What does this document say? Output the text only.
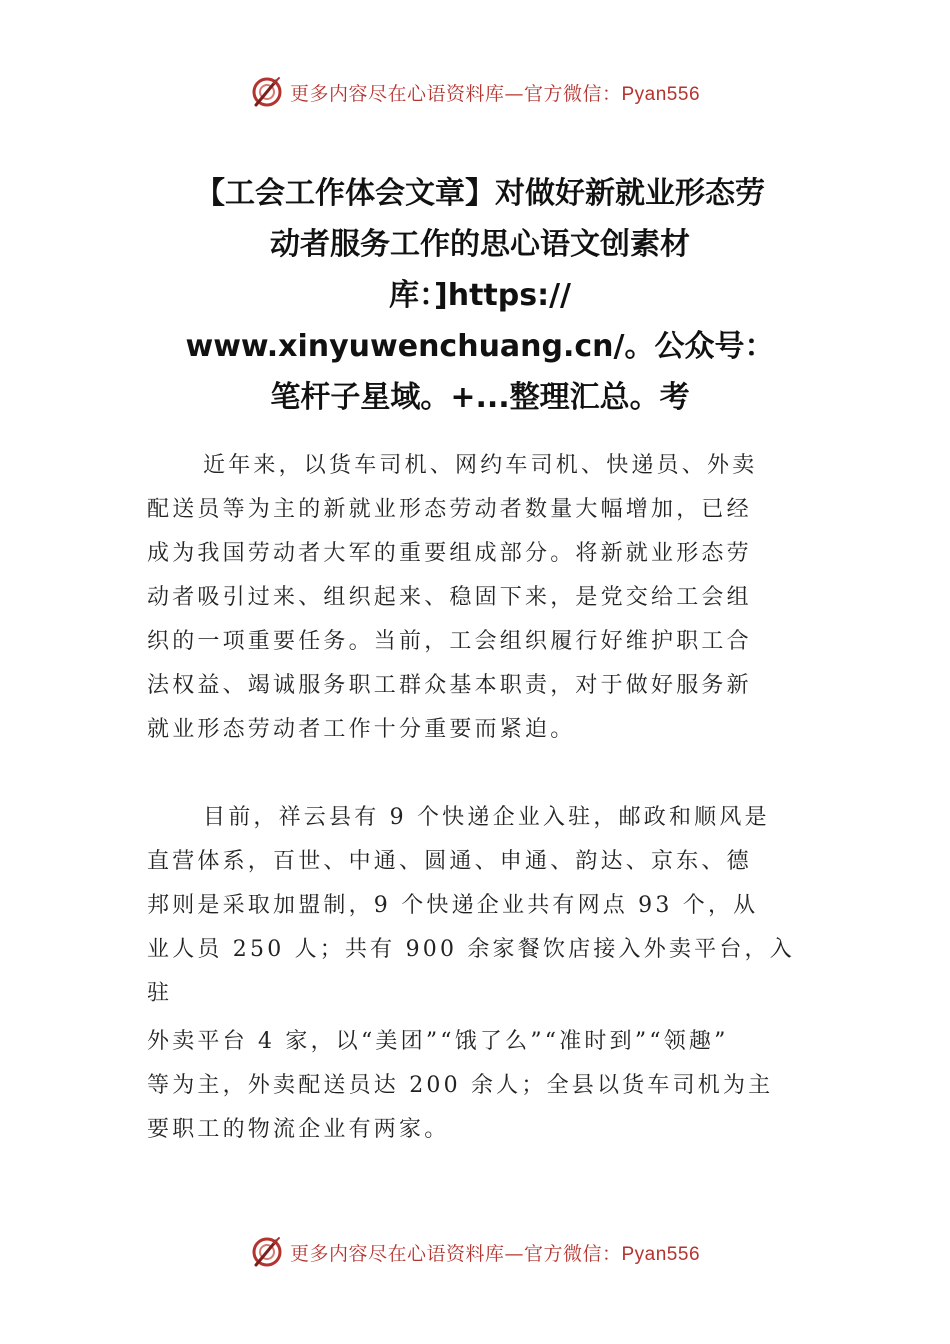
更多内容尽在心语资料库—官方微信：Pyan556
【工会工作体会文章】对做好新就业形态劳
动者服务工作的思心语文创素材
库：]https://
www.xinyuwenchuang.cn/。公众号：
笔杆子星域。+...整理汇总。考
近年来，以货车司机、网约车司机、快递员、外卖
配送员等为主的新就业形态劳动者数量大幅增加，已经
成为我国劳动者大军的重要组成部分。将新就业形态劳
动者吸引过来、组织起来、稳固下来，是党交给工会组
织的一项重要任务。当前，工会组织履行好维护职工合
法权益、竭诚服务职工群众基本职责，对于做好服务新
就业形态劳动者工作十分重要而紧迫。
目前，祥云县有 9 个快递企业入驻，邮政和顺风是
直营体系，百世、中通、圆通、申通、韵达、京东、德
邦则是采取加盟制，9 个快递企业共有网点 93 个，从
业人员 250 人；共有 900 余家餐饮店接入外卖平台，入
驻
外卖平台 4 家，以“美团”“饿了么”“准时到”“领趣”
等为主，外卖配送员达 200 余人；全县以货车司机为主
要职工的物流企业有两家。
更多内容尽在心语资料库—官方微信：Pyan556
